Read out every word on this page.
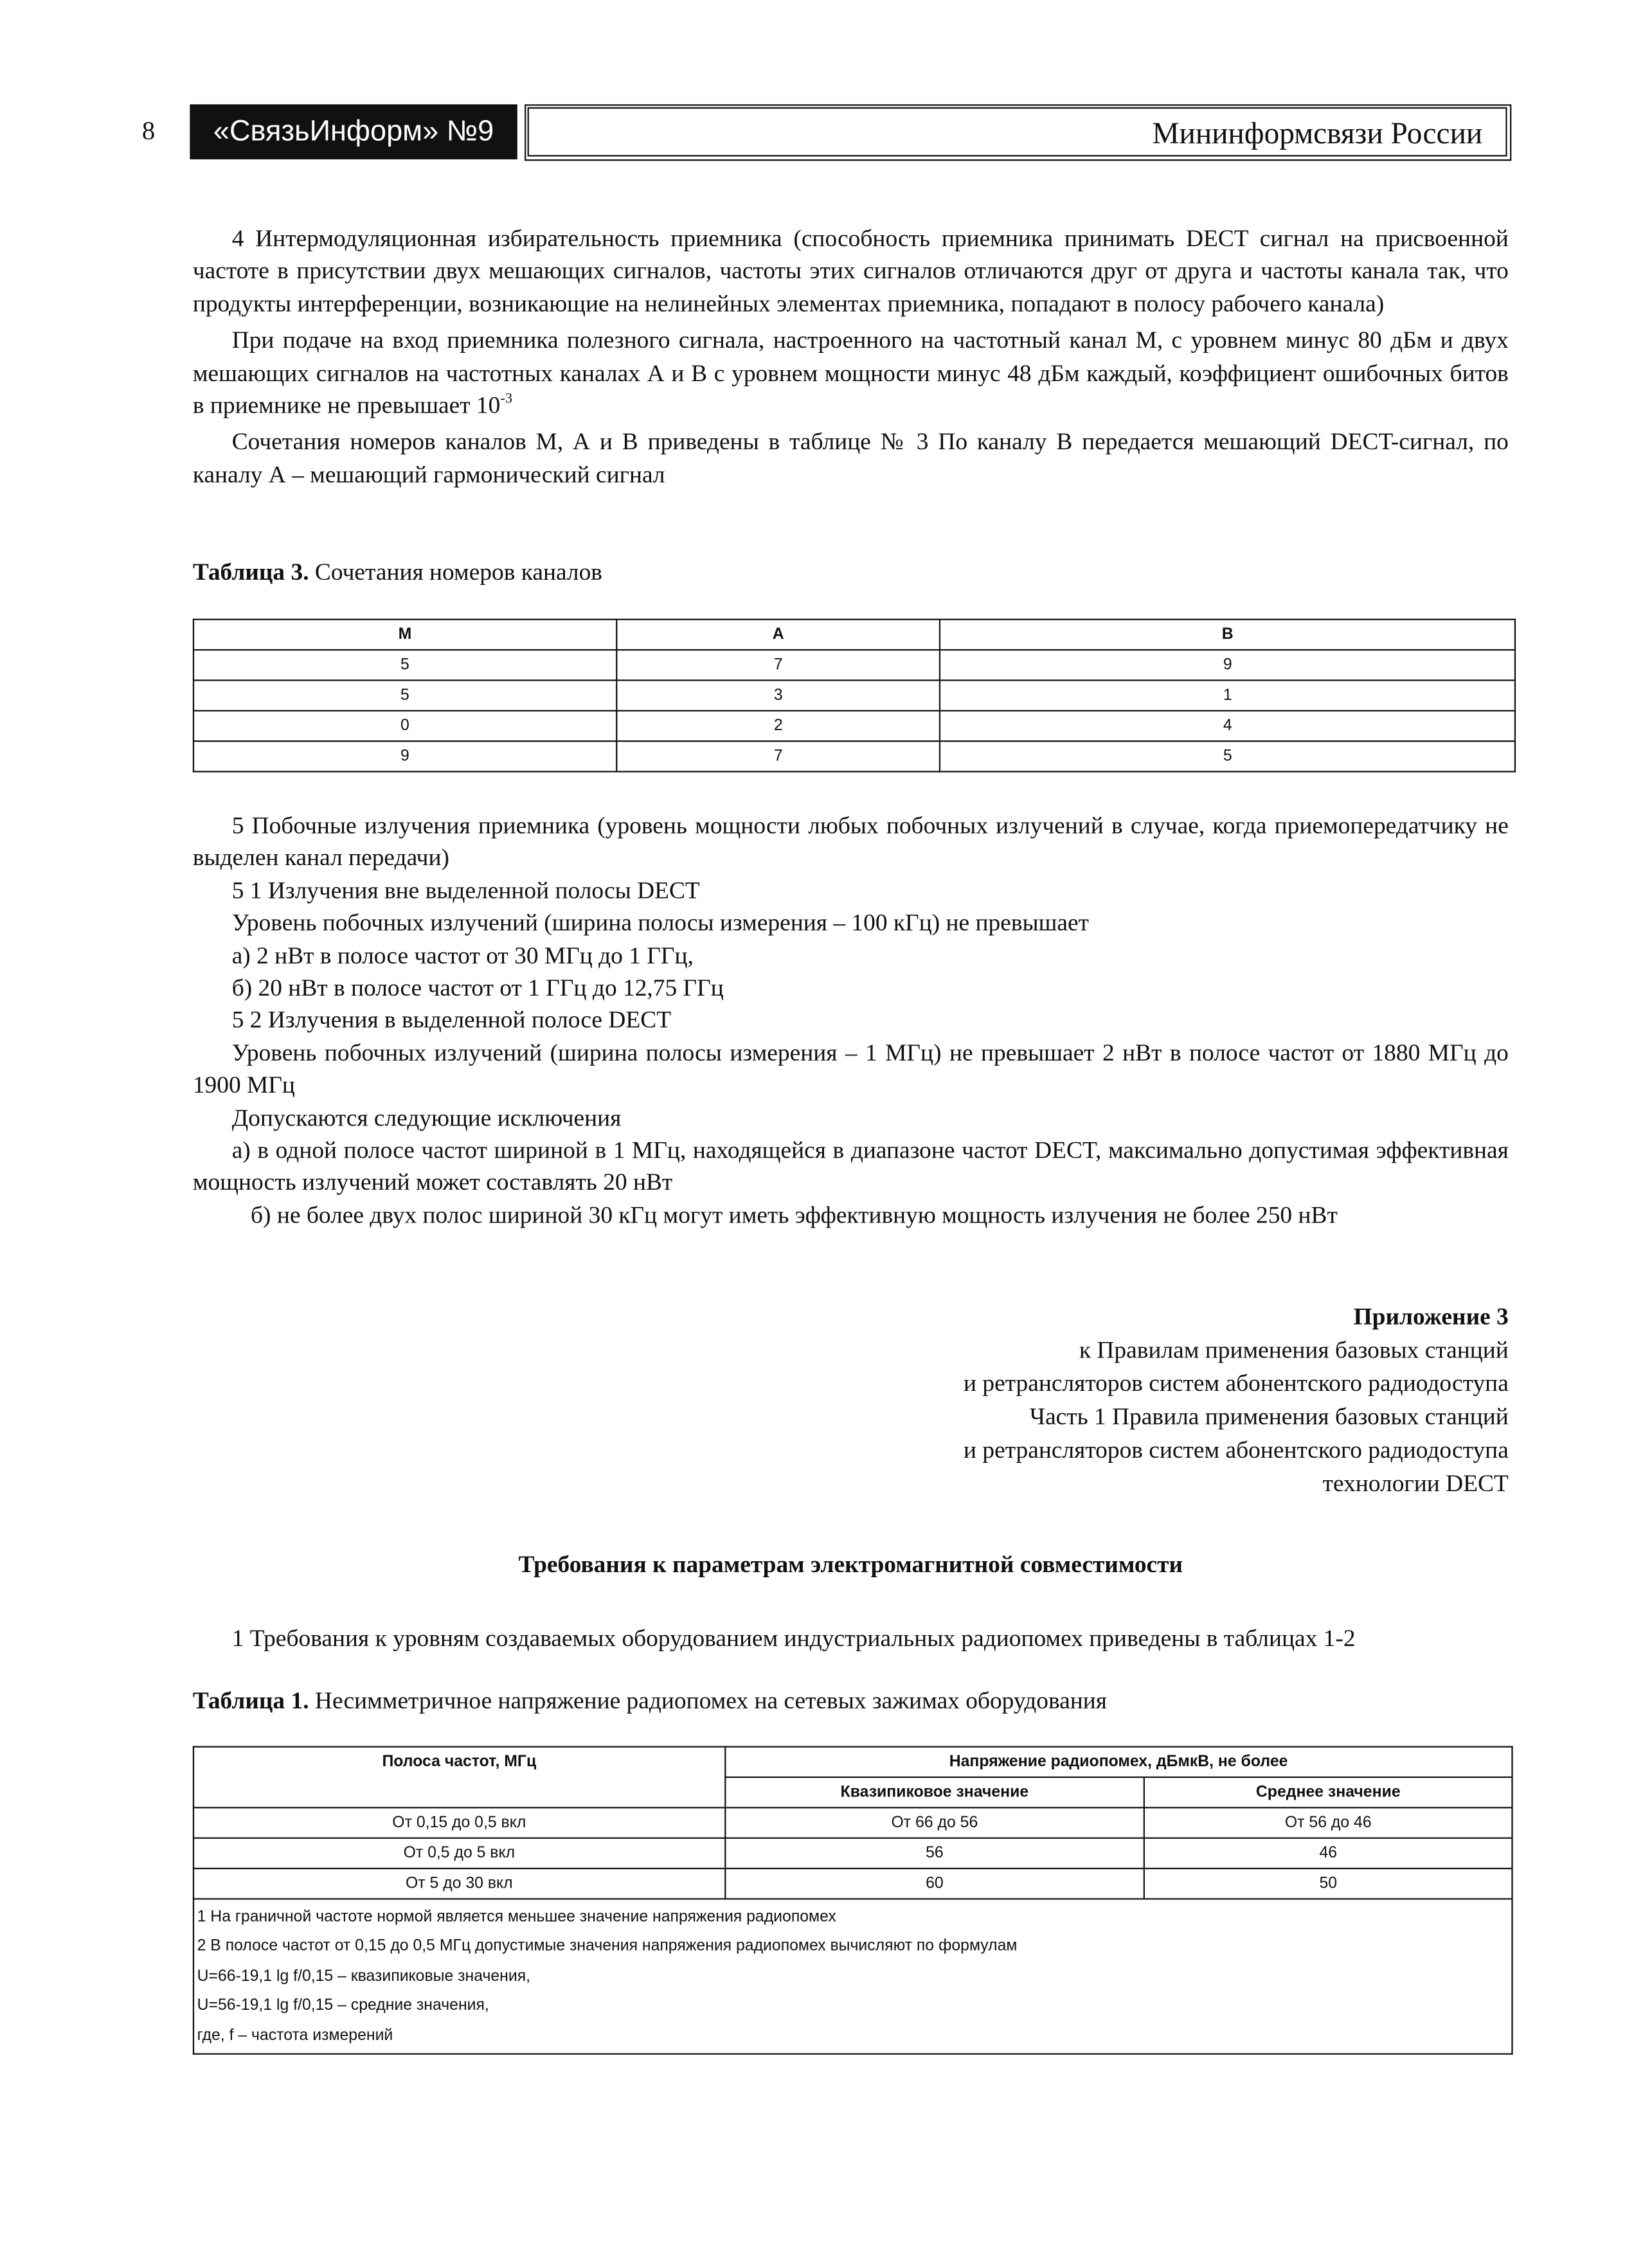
8	«СвязьИнформ» №9	Мининформсвязи России

4 Интермодуляционная избирательность приемника (способность приемника принимать DECT сигнал на присвоенной частоте в присутствии двух мешающих сигналов, частоты этих сигналов отличаются друг от друга и частоты канала так, что продукты интерференции, возникающие на нелинейных элементах приемника, попадают в полосу рабочего канала)

При подаче на вход приемника полезного сигнала, настроенного на частотный канал М, с уровнем минус 80 дБм и двух мешающих сигналов на частотных каналах А и В с уровнем мощности минус 48 дБм каждый, коэффициент ошибочных битов в приемнике не превышает $10^{-3}$

Сочетания номеров каналов М, А и В приведены в таблице № 3 По каналу В передается мешающий DECT-сигнал, по каналу А – мешающий гармонический сигнал

Таблица 3. Сочетания номеров каналов
М	А	В
5	7	9
5	3	1
0	2	4
9	7	5

5 Побочные излучения приемника (уровень мощности любых побочных излучений в случае, когда приемопередатчику не выделен канал передачи)

5 1 Излучения вне выделенной полосы DECT

Уровень побочных излучений (ширина полосы измерения – 100 кГц) не превышает

а) 2 нВт в полосе частот от 30 МГц до 1 ГГц,

б) 20 нВт в полосе частот от 1 ГГц до 12,75 ГГц

5 2 Излучения в выделенной полосе DECT

Уровень побочных излучений (ширина полосы измерения – 1 МГц) не превышает 2 нВт в полосе частот от 1880 МГц до 1900 МГц

Допускаются следующие исключения

а) в одной полосе частот шириной в 1 МГц, находящейся в диапазоне частот DECT, максимально допустимая эффективная мощность излучений может составлять 20 нВт

б) не более двух полос шириной 30 кГц могут иметь эффективную мощность излучения не более 250 нВт

Приложение 3
к Правилам применения базовых станций
и ретрансляторов систем абонентского радиодоступа
Часть 1 Правила применения базовых станций
и ретрансляторов систем абонентского радиодоступа
технологии DECT
Требования к параметрам электромагнитной совместимости

1 Требования к уровням создаваемых оборудованием индустриальных радиопомех приведены в таблицах 1-2

Таблица 1. Несимметричное напряжение радиопомех на сетевых зажимах оборудования
Полоса частот, МГц	Напряжение радиопомех, дБмкВ, не более	
	Квазипиковое значение	Среднее значение
От 0,15 до 0,5 вкл	От 66 до 56	От 56 до 46
От 0,5 до 5 вкл	56	46
От 5 до 30 вкл	60	50

1 На граничной частоте нормой является меньшее значение напряжения радиопомех
2 В полосе частот от 0,15 до 0,5 МГц допустимые значения напряжения радиопомех вычисляют по формулам
U=66-19,1 lg f/0,15 – квазипиковые значения,
U=56-19,1 lg f/0,15 – средние значения,
где, f – частота измерений		
